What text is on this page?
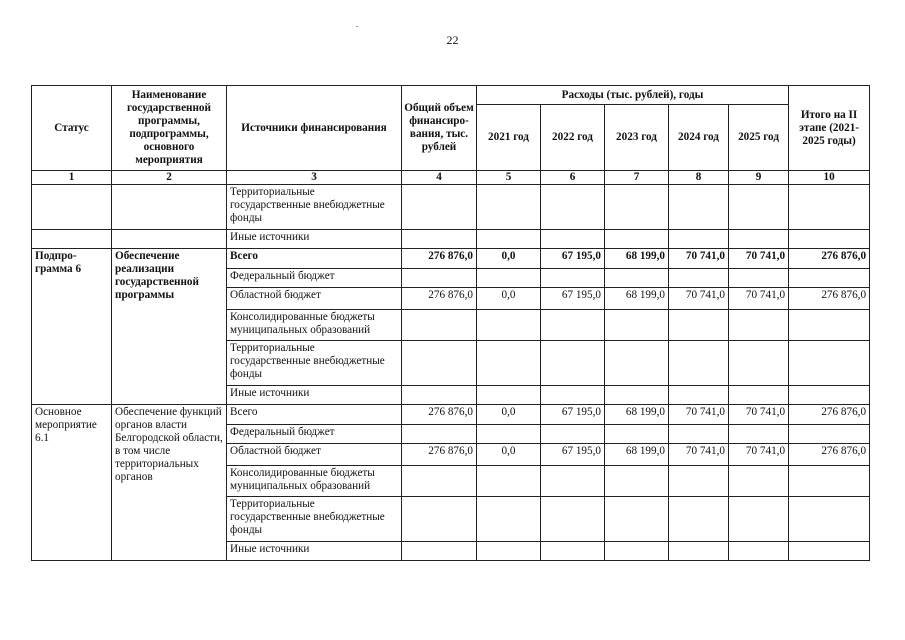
22
Статус	Наименование государственной программы, подпрограммы, основного мероприятия	Источники финансирования	Общий объем финансиро-вания, тыс. рублей	Расходы (тыс. рублей), годы					Итого на II этапе (2021-2025 годы)
				2021 год	2022 год	2023 год	2024 год	2025 год	
1	2	3	4	5	6	7	8	9	10
		Территориальные государственные внебюджетные фонды							
		Иные источники							
Подпро-грамма 6	Обеспечение реализации государственной программы	Всего	276 876,0	0,0	67 195,0	68 199,0	70 741,0	70 741,0	276 876,0
		Федеральный бюджет							
		Областной бюджет	276 876,0	0,0	67 195,0	68 199,0	70 741,0	70 741,0	276 876,0
		Консолидированные бюджеты муниципальных образований							
		Территориальные государственные внебюджетные фонды							
		Иные источники							
Основное мероприятие 6.1	Обеспечение функций органов власти Белгородской области, в том числе территориальных органов	Всего	276 876,0	0,0	67 195,0	68 199,0	70 741,0	70 741,0	276 876,0
		Федеральный бюджет							
		Областной бюджет	276 876,0	0,0	67 195,0	68 199,0	70 741,0	70 741,0	276 876,0
		Консолидированные бюджеты муниципальных образований							
		Территориальные государственные внебюджетные фонды							
		Иные источники							
